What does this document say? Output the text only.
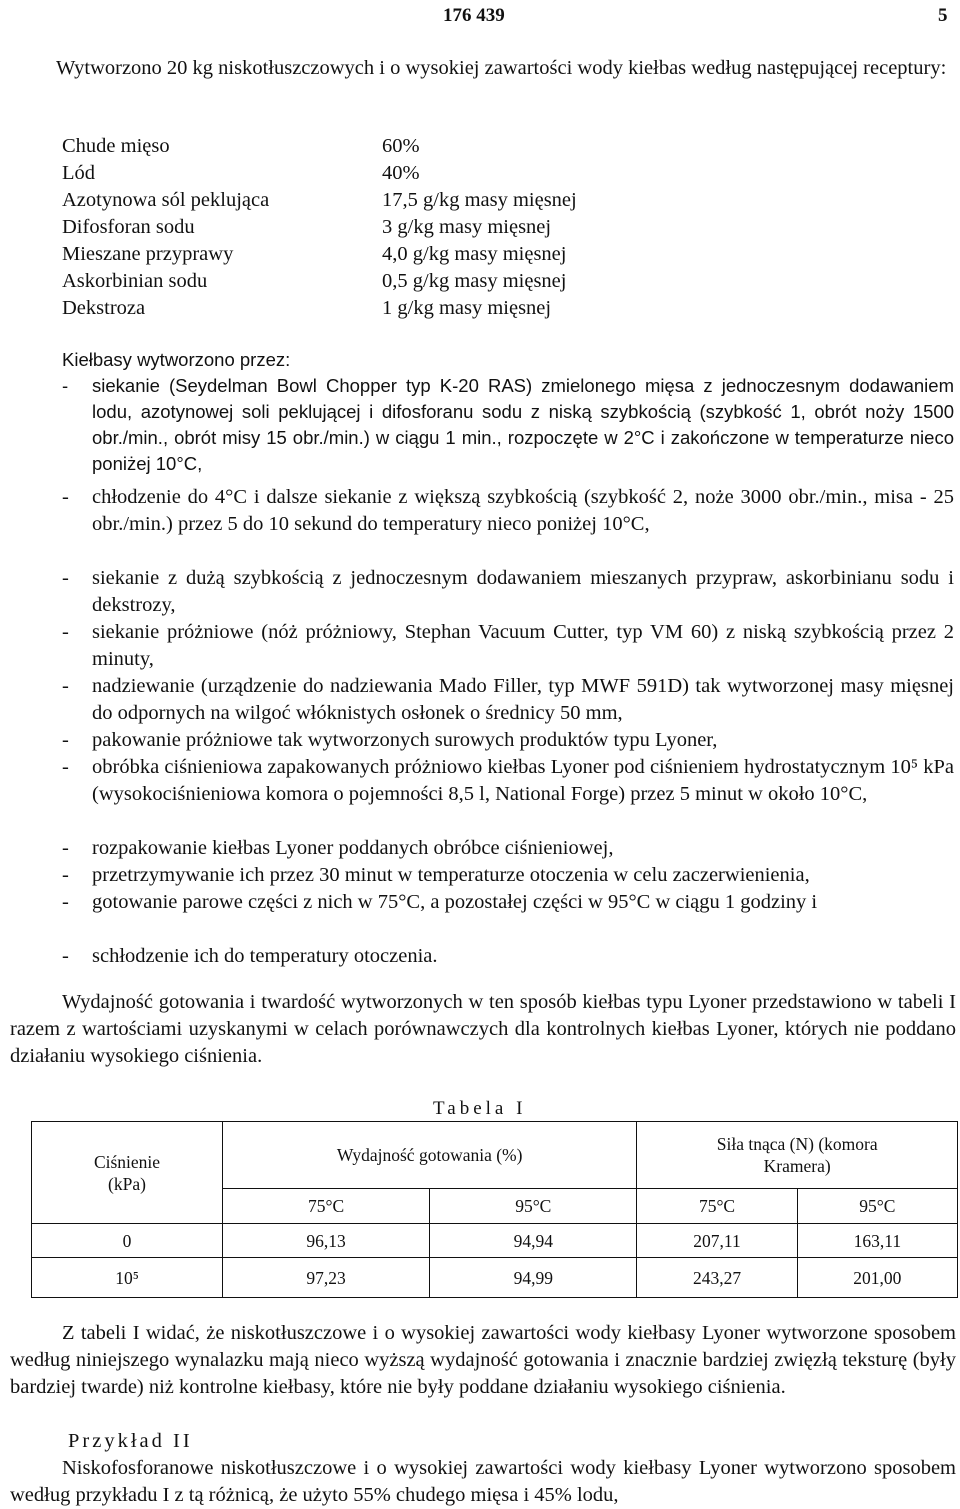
176 439	5
Wytworzono 20 kg niskotłuszczowych i o wysokiej zawartości wody kiełbas według następującej receptury:
Chude mięso	60%
Lód	40%
Azotynowa sól peklująca	17,5 g/kg masy mięsnej
Difosforan sodu	3 g/kg masy mięsnej
Mieszane przyprawy	4,0 g/kg masy mięsnej
Askorbinian sodu	0,5 g/kg masy mięsnej
Dekstroza	1 g/kg masy mięsnej
Kiełbasy wytworzono przez:
- siekanie (Seydelman Bowl Chopper typ K-20 RAS) zmielonego mięsa z jednoczesnym dodawaniem lodu, azotynowej soli peklującej i difosforanu sodu z niską szybkością (szybkość 1, obrót noży 1500 obr./min., obrót misy 15 obr./min.) w ciągu 1 min., rozpoczęte w 2°C i zakończone w temperaturze nieco poniżej 10°C,
- chłodzenie do 4°C i dalsze siekanie z większą szybkością (szybkość 2, noże 3000 obr./min., misa - 25 obr./min.) przez 5 do 10 sekund do temperatury nieco poniżej 10°C,
- siekanie z dużą szybkością z jednoczesnym dodawaniem mieszanych przypraw, askorbinianu sodu i dekstrozy,
- siekanie próżniowe (nóż próżniowy, Stephan Vacuum Cutter, typ VM 60) z niską szybkością przez 2 minuty,
- nadziewanie (urządzenie do nadziewania Mado Filler, typ MWF 591D) tak wytworzonej masy mięsnej do odpornych na wilgoć włóknistych osłonek o średnicy 50 mm,
- pakowanie próżniowe tak wytworzonych surowych produktów typu Lyoner,
- obróbka ciśnieniowa zapakowanych próżniowo kiełbas Lyoner pod ciśnieniem hydrostatycznym 10⁵ kPa (wysokociśnieniowa komora o pojemności 8,5 l, National Forge) przez 5 minut w około 10°C,
- rozpakowanie kiełbas Lyoner poddanych obróbce ciśnieniowej,
- przetrzymywanie ich przez 30 minut w temperaturze otoczenia w celu zaczerwienienia,
- gotowanie parowe części z nich w 75°C, a pozostałej części w 95°C w ciągu 1 godziny i
- schłodzenie ich do temperatury otoczenia.
Wydajność gotowania i twardość wytworzonych w ten sposób kiełbas typu Lyoner przedstawiono w tabeli I razem z wartościami uzyskanymi w celach porównawczych dla kontrolnych kiełbas Lyoner, których nie poddano działaniu wysokiego ciśnienia.
Tabela I
Ciśnienie (kPa)	Wydajność gotowania (%)		Siła tnąca (N) (komora Kramera)	
	75°C	95°C	75°C	95°C
0	96,13	94,94	207,11	163,11
10⁵	97,23	94,99	243,27	201,00
Z tabeli I widać, że niskotłuszczowe i o wysokiej zawartości wody kiełbasy Lyoner wytworzone sposobem według niniejszego wynalazku mają nieco wyższą wydajność gotowania i znacznie bardziej zwięzłą teksturę (były bardziej twarde) niż kontrolne kiełbasy, które nie były poddane działaniu wysokiego ciśnienia.
Przykład II
Niskofosforanowe niskotłuszczowe i o wysokiej zawartości wody kiełbasy Lyoner wytworzono sposobem według przykładu I z tą różnicą, że użyto 55% chudego mięsa i 45% lodu,
